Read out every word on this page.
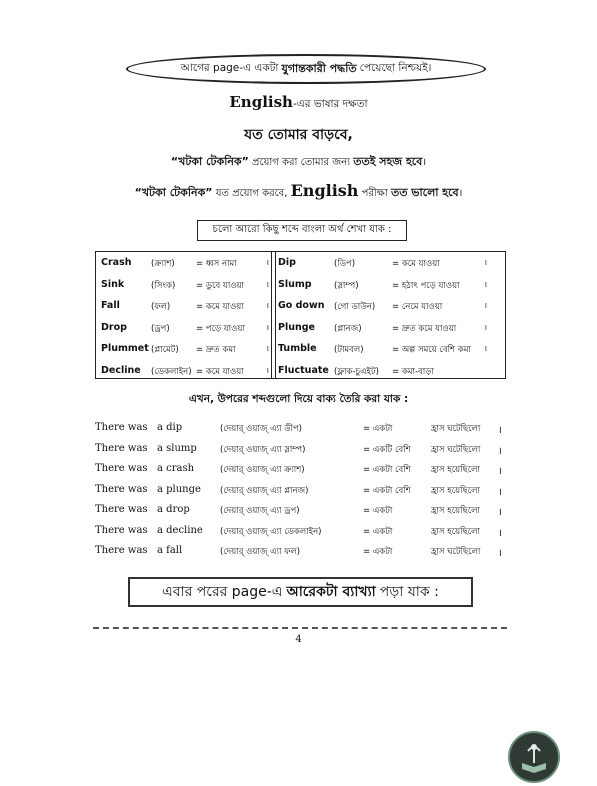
আগের page-এ একটা যুগান্তকারী পদ্ধতি পেয়েছো নিশ্চয়ই।
English-এর ভাষার দক্ষতা
যত তোমার বাড়বে,
“খটকা টেকনিক” প্রয়োগ করা তোমার জন্য ততই সহজ হবে।
“খটকা টেকনিক” যত প্রয়োগ করবে, English পরীক্ষা তত ভালো হবে।
চলো আরো কিছু শব্দে বাংলা অর্থ শেখা যাক :
Crash (ক্র্যাশ)	= ধ্বস নামা	।
Sink	(সিংক) = ডুবে যাওয়া	।
Fall	(ফল)	= কমে যাওয়া	।
Drop	(ড্রপ)	= পড়ে যাওয়া	।
Plummet (প্লামেট) = দ্রুত কমা	।
Decline (ডেকলাইন) = কমে যাওয়া	।
Dip	(ডিপ)	= কমে যাওয়া	।
Slump	(স্লাম্প)	= হঠাৎ পড়ে যাওয়া	।
Go down (গো ডাউন) = নেমে যাওয়া	।
Plunge (প্লানজ)	= দ্রুত কমে যাওয়া	।
Tumble (টামবল)	= অল্প সময়ে বেশি কমা ।
Fluctuate (ফ্লাক-চুএইট) = কমা-বাড়া
এখন, উপরের শব্দগুলো দিয়ে বাক্য তৈরি করা যাক :
There was a dip	(দেয়ার্ ওয়াজ্ এ্যা ডীপ)	= একটা	হ্রাস ঘটেছিলো ।
There was a slump	(দেয়ার্ ওয়াজ্ এ্যা স্লাম্প)	= একটি বেশি হ্রাস ঘটেছিলো ।
There was a crash	(দেয়ার্ ওয়াজ্ এ্যা ক্র্যাশ)	= একটা বেশি হ্রাস হয়েছিলো ।
There was a plunge (দেয়ার্ ওয়াজ্ এ্যা প্লানজ)	= একটা বেশি হ্রাস হয়েছিলো ।
There was a drop	(দেয়ার্ ওয়াজ্ এ্যা ড্রপ)	= একটা	হ্রাস হয়েছিলো ।
There was a decline (দেয়ার্ ওয়াজ্ এ্যা ডেকলাইন)	= একটা	হ্রাস হয়েছিলো ।
There was a fall	(দেয়ার্ ওয়াজ্ এ্যা ফল)	= একটা	হ্রাস ঘটেছিলো ।
এবার পরের page-এ আরেকটা ব্যাখ্যা পড়া যাক :
4
